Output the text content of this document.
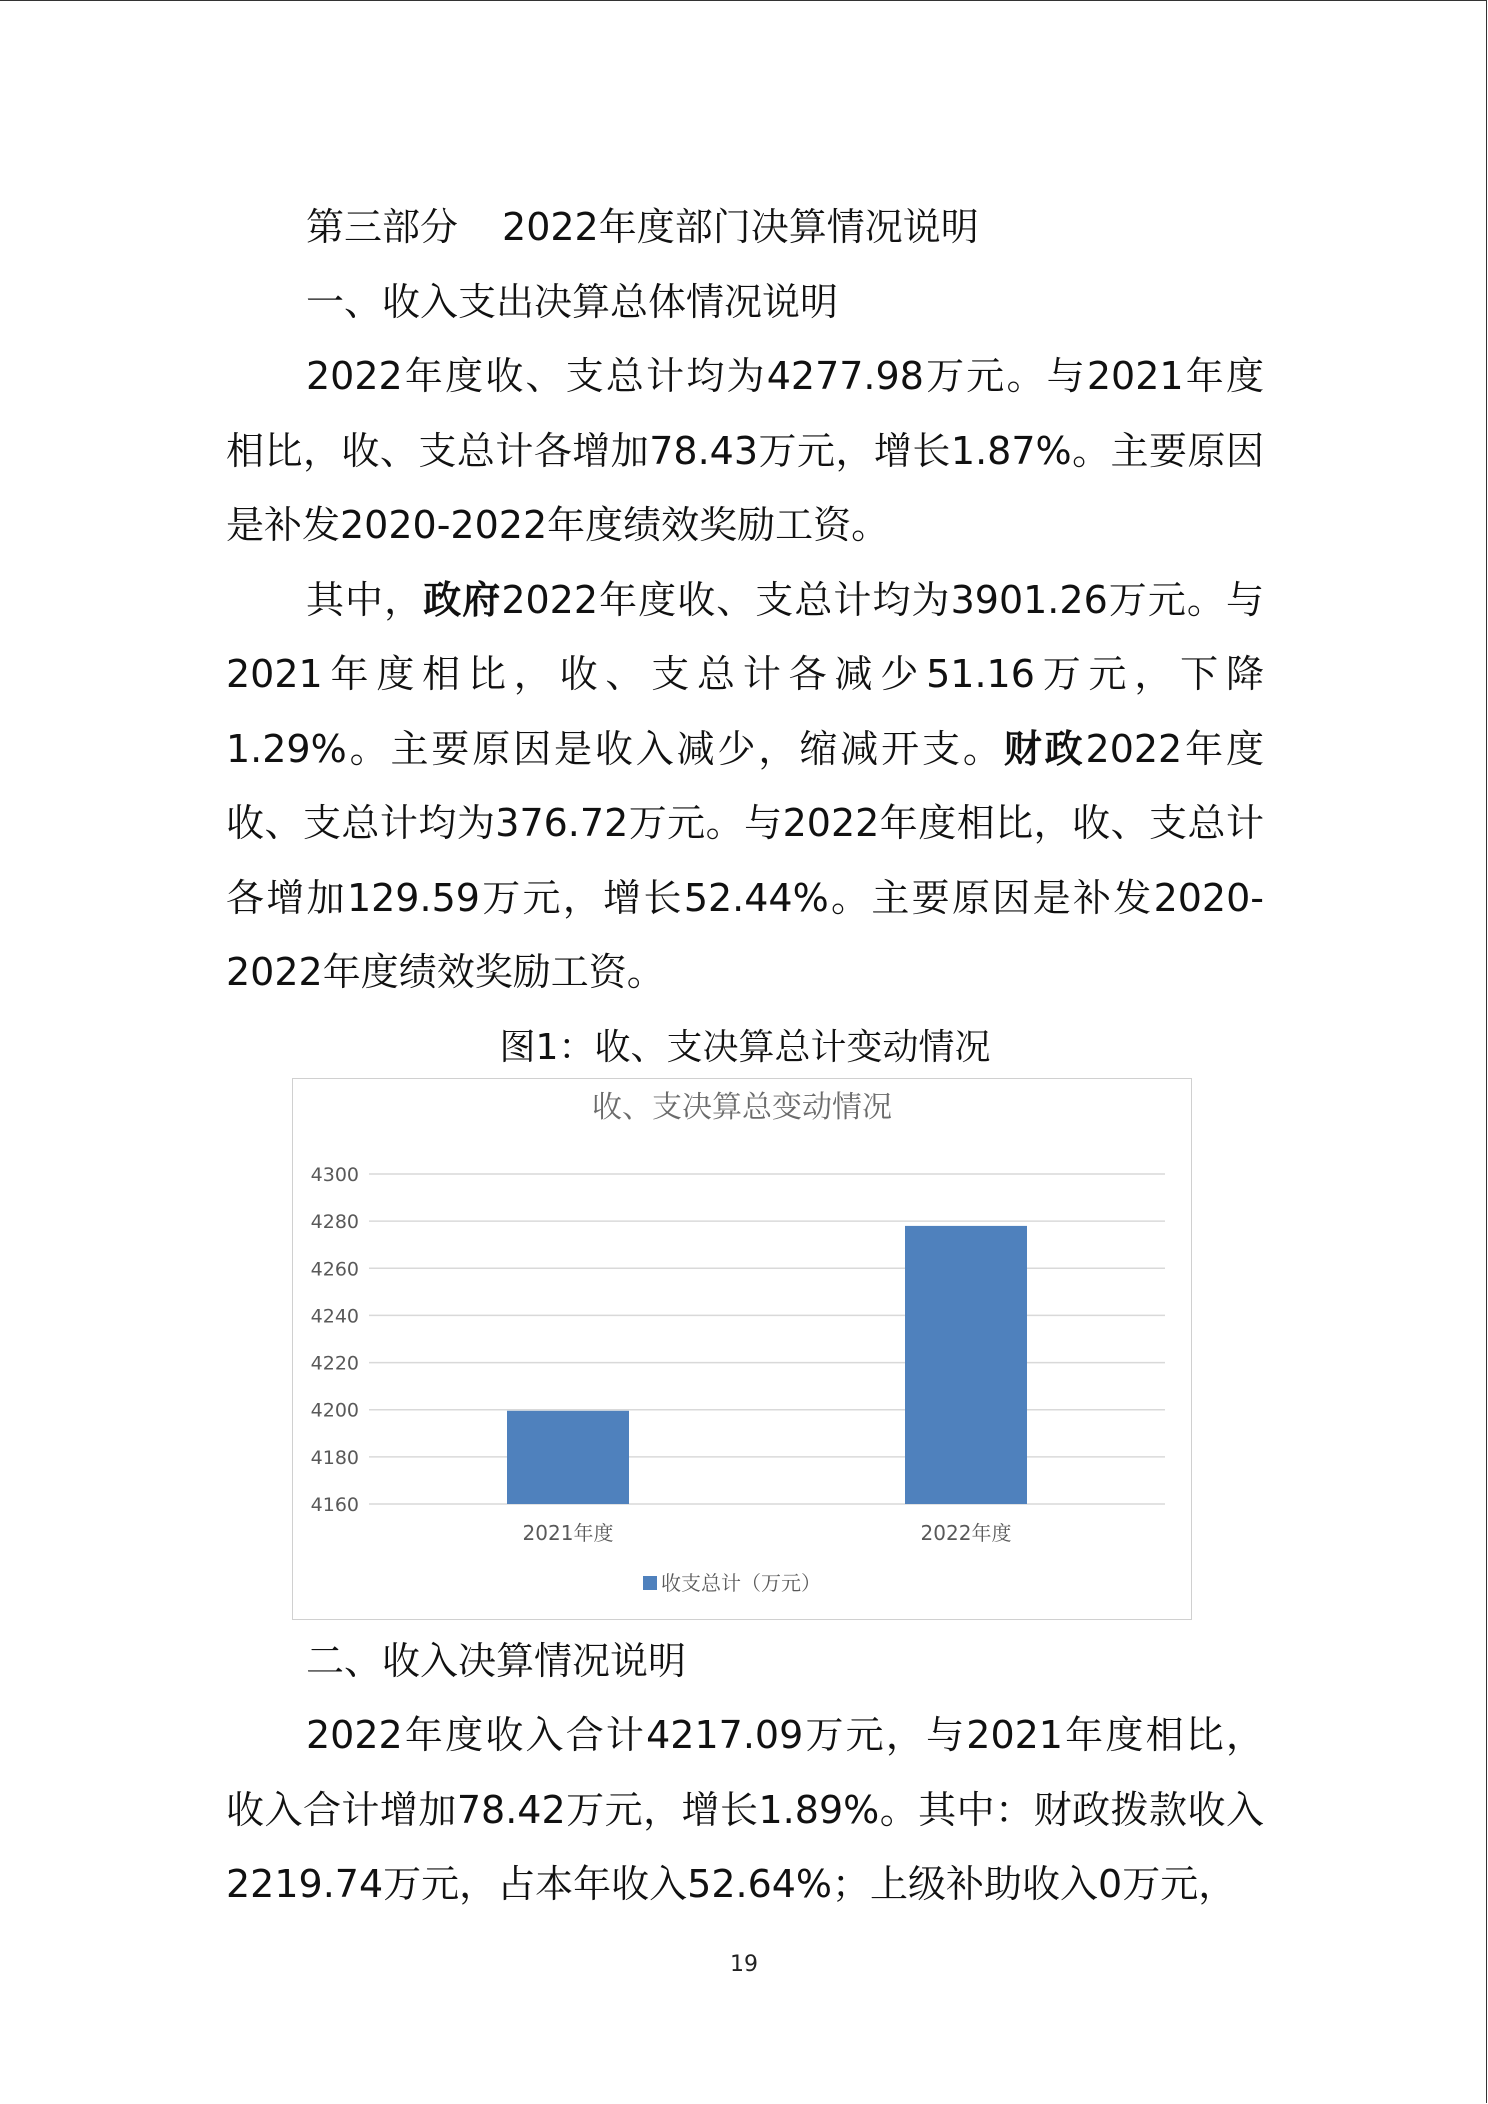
第三部分 2022年度部门决算情况说明

一、收入支出决算总体情况说明

2022年度收、支总计均为4277.98万元。与2021年度相比，收、支总计各增加78.43万元，增长1.87%。主要原因是补发2020-2022年度绩效奖励工资。

其中，政府2022年度收、支总计均为3901.26万元。与2021年度相比，收、支总计各减少51.16万元，下降1.29%。主要原因是收入减少，缩减开支。财政2022年度收、支总计均为376.72万元。与2022年度相比，收、支总计各增加129.59万元，增长52.44%。主要原因是补发2020-2022年度绩效奖励工资。

图1：收、支决算总计变动情况
收、支决算总变动情况
4160
4180
4200
4220
4240
4260
4280
4300
2021年度	2022年度
收支总计（万元）

二、收入决算情况说明

2022年度收入合计4217.09万元，与2021年度相比，收入合计增加78.42万元，增长1.89%。其中：财政拨款收入2219.74万元，占本年收入52.64%；上级补助收入0万元，

19
